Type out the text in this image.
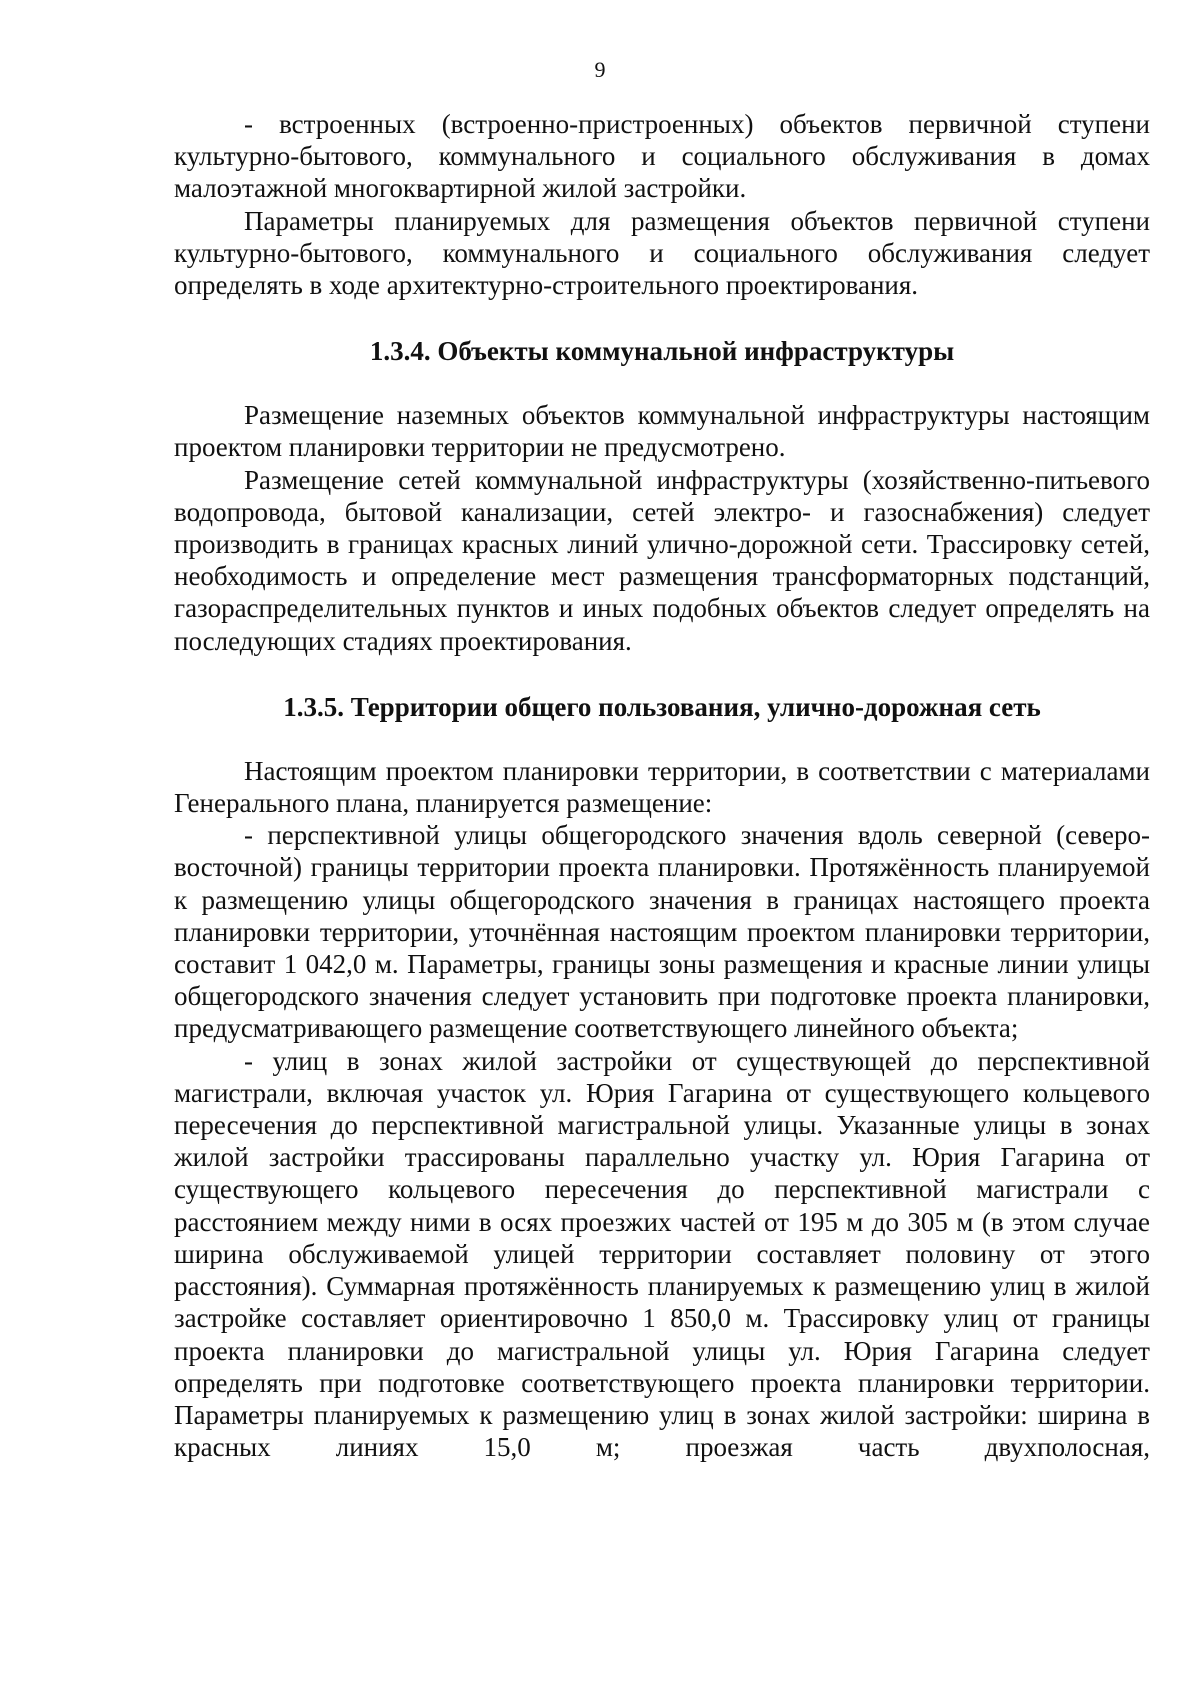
9

- встроенных (встроенно-пристроенных) объектов первичной ступени культурно-бытового, коммунального и социального обслуживания в домах малоэтажной многоквартирной жилой застройки.

Параметры планируемых для размещения объектов первичной ступени культурно-бытового, коммунального и социального обслуживания следует определять в ходе архитектурно-строительного проектирования.

1.3.4. Объекты коммунальной инфраструктуры

Размещение наземных объектов коммунальной инфраструктуры настоящим проектом планировки территории не предусмотрено.

Размещение сетей коммунальной инфраструктуры (хозяйственно-питьевого водопровода, бытовой канализации, сетей электро- и газоснабжения) следует производить в границах красных линий улично-дорожной сети. Трассировку сетей, необходимость и определение мест размещения трансформаторных подстанций, газораспределительных пунктов и иных подобных объектов следует определять на последующих стадиях проектирования.

1.3.5. Территории общего пользования, улично-дорожная сеть

Настоящим проектом планировки территории, в соответствии с материалами Генерального плана, планируется размещение:

- перспективной улицы общегородского значения вдоль северной (северо-восточной) границы территории проекта планировки. Протяжённость планируемой к размещению улицы общегородского значения в границах настоящего проекта планировки территории, уточнённая настоящим проектом планировки территории, составит 1 042,0 м. Параметры, границы зоны размещения и красные линии улицы общегородского значения следует установить при подготовке проекта планировки, предусматривающего размещение соответствующего линейного объекта;

- улиц в зонах жилой застройки от существующей до перспективной магистрали, включая участок ул. Юрия Гагарина от существующего кольцевого пересечения до перспективной магистральной улицы. Указанные улицы в зонах жилой застройки трассированы параллельно участку ул. Юрия Гагарина от существующего кольцевого пересечения до перспективной магистрали с расстоянием между ними в осях проезжих частей от 195 м до 305 м (в этом случае ширина обслуживаемой улицей территории составляет половину от этого расстояния). Суммарная протяжённость планируемых к размещению улиц в жилой застройке составляет ориентировочно 1 850,0 м. Трассировку улиц от границы проекта планировки до магистральной улицы ул. Юрия Гагарина следует определять при подготовке соответствующего проекта планировки территории. Параметры планируемых к размещению улиц в зонах жилой застройки: ширина в красных линиях 15,0 м; проезжая часть двухполосная,
